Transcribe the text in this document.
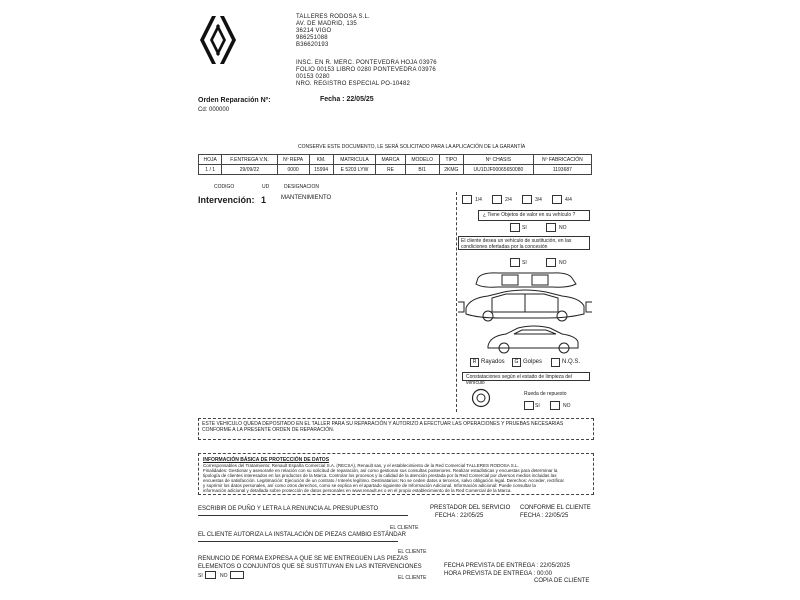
TALLERES RODOSA S.L.
AV. DE MADRID, 135
36214 VIGO
986251088
B36620193
INSC. EN R. MERC. PONTEVEDRA HOJA 03976
FOLIO 00153 LIBRO 0280 PONTEVEDRA 03976
00153 0280
NRO. REGISTRO ESPECIAL PO-10482
Orden Reparación Nº:	Fecha : 22/05/25
Cd: 000000
CONSERVE ESTE DOCUMENTO, LE SERÁ SOLICITADO PARA LA APLICACIÓN DE LA GARANTÍA
HOJA	F.ENTREGA V.N.	Nº REPA	KM.	MATRICULA	MARCA	MODELO	TIPO	Nº CHASIS	Nº FABRICACIÓN
1 / 1	29/09/22	0000	15994	E 5203 LYW	RE	BI1	2KMG	UU1DJF00065650080	1193687
CODIGO	UD	DESIGNACION
Intervención: 1 MANTENIMIENTO	1/4	2/4	3/4	4/4
¿ Tiene Objetos de valor en su vehículo ?
SI	NO
El cliente desea un vehículo de sustitución, en las condiciones ofertadas por la concesión
SI	NO
R Rayados	G Golpes	N.Q.S.
Constataciones según el estado de limpieza del vehículo
Rueda de repuesto
SI	NO
ESTE VEHICULO QUEDA DEPOSITADO EN EL TALLER PARA SU REPARACIÓN Y AUTORIZO A EFECTUAR LAS OPERACIONES Y PRUEBAS NECESARIAS CONFORME A LA PRESENTE ORDEN DE REPARACIÓN.
INFORMACIÓN BÁSICA DE PROTECCIÓN DE DATOS
Corresponsables del Tratamiento: Renault España Comercial S.A. (RECSA), Renault sas, y el establecimiento de la Red Comercial TALLERES RODOSA S.L.
Finalidades: Gestionar y asesorarle en relación con su solicitud de reparación, así como gestionar sus consultas posteriores. Realizar estadísticas y encuestas para determinar la
tipología de clientes interesados en los productos de la Marca. Controlar los procesos y la calidad de la atención prestada por la Red Comercial por diversos medios incluidas las
encuestas de satisfacción. Legitimación: Ejecución de un contrato / Interés legítimo. Destinatarios: No se ceden datos a terceros, salvo obligación legal. Derechos: Acceder, rectificar
y suprimir los datos personales, así como otros derechos, como se explica en el apartado siguiente de Información Adicional. Información adicional: Puede consultar la
información adicional y detallada sobre protección de datos personales en www.renault.es o en el propio establecimiento de la Red Comercial de la Marca.
ESCRIBIR DE PUÑO Y LETRA LA RENUNCIA AL PRESUPUESTO	PRESTADOR DEL SERVICIO
FECHA : 22/05/25
CONFORME EL CLIENTE
FECHA : 22/05/25
EL CLIENTE
EL CLIENTE AUTORIZA LA INSTALACIÓN DE PIEZAS CAMBIO ESTÁNDAR
EL CLIENTE
RENUNCIO DE FORMA EXPRESA A QUE SE ME ENTREGUEN LAS PIEZAS
ELEMENTOS O CONJUNTOS QUE SE SUSTITUYAN EN LAS INTERVENCIONES
SI	NO	EL CLIENTE
FECHA PREVISTA DE ENTREGA : 22/05/2025
HORA PREVISTA DE ENTREGA : 00:00
COPIA DE CLIENTE
